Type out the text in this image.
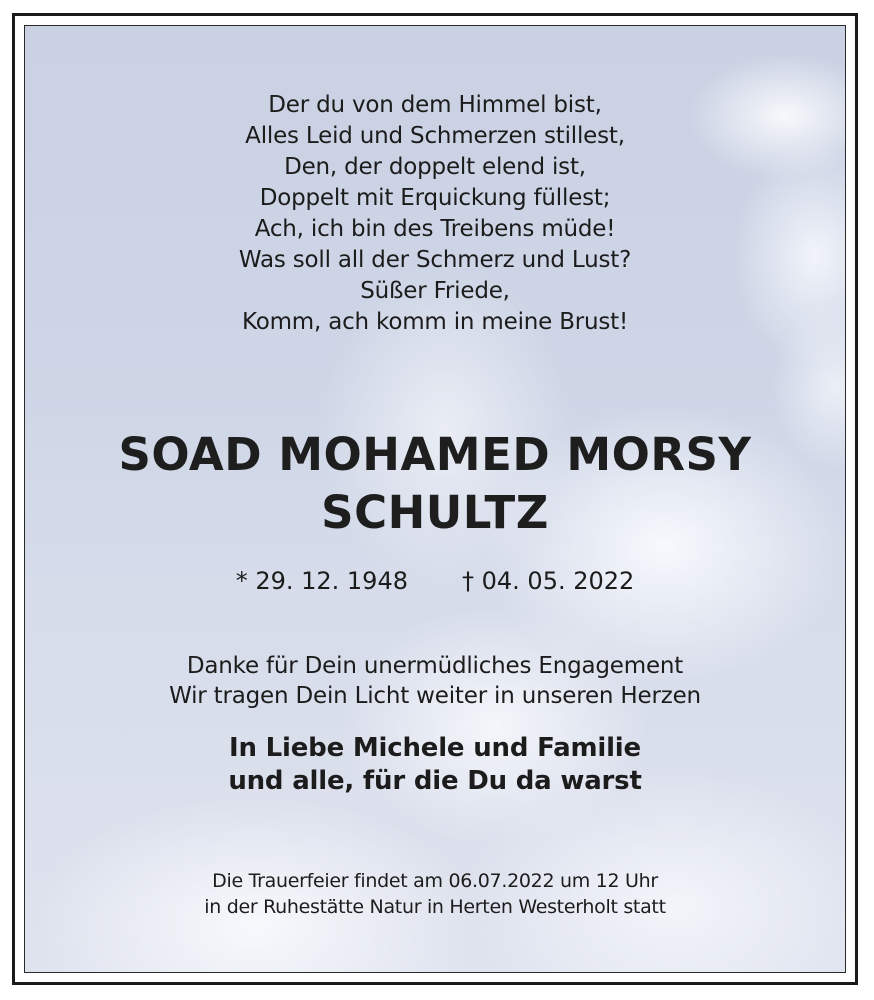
Der du von dem Himmel bist,
Alles Leid und Schmerzen stillest,
Den, der doppelt elend ist,
Doppelt mit Erquickung füllest;
Ach, ich bin des Treibens müde!
Was soll all der Schmerz und Lust?
Süßer Friede,
Komm, ach komm in meine Brust!
SOAD MOHAMED MORSY
SCHULTZ
* 29. 12. 1948 † 04. 05. 2022
Danke für Dein unermüdliches Engagement
Wir tragen Dein Licht weiter in unseren Herzen
In Liebe Michele und Familie
und alle, für die Du da warst
Die Trauerfeier findet am 06.07.2022 um 12 Uhr
in der Ruhestätte Natur in Herten Westerholt statt
